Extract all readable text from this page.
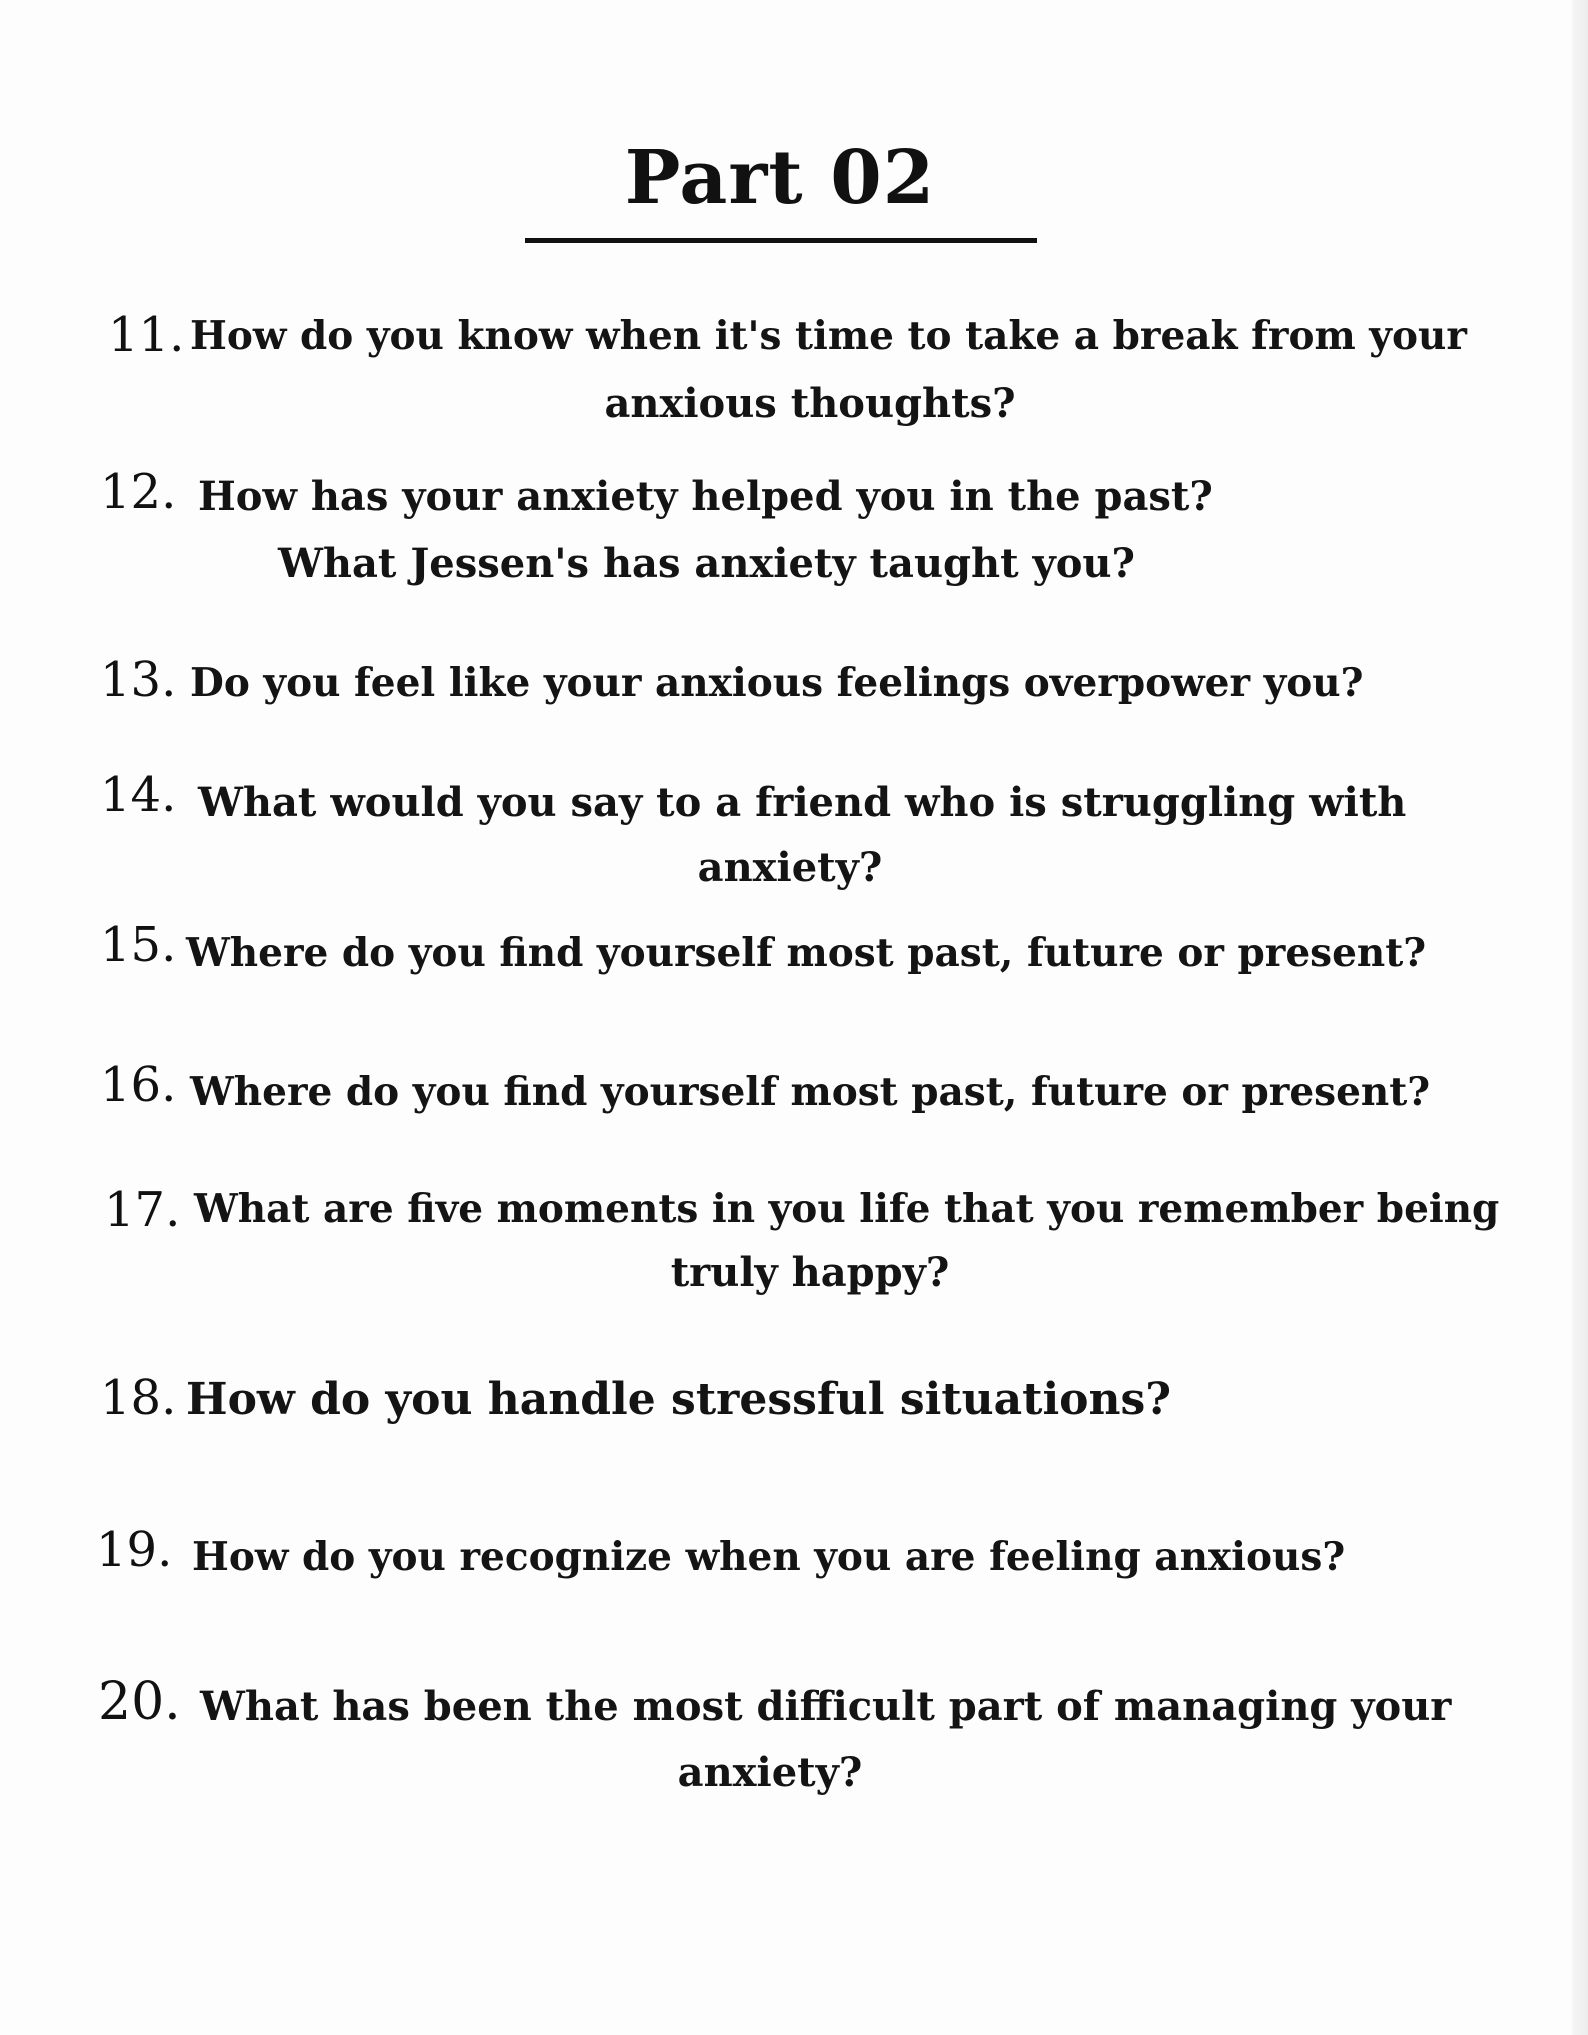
Part 02
11. How do you know when it's time to take a break from your
anxious thoughts?
12. How has your anxiety helped you in the past?
What Jessen's has anxiety taught you?
13. Do you feel like your anxious feelings overpower you?
14. What would you say to a friend who is struggling with
anxiety?
15. Where do you find yourself most past, future or present?
16. Where do you find yourself most past, future or present?
17. What are five moments in you life that you remember being
truly happy?
18. How do you handle stressful situations?
19. How do you recognize when you are feeling anxious?
20. What has been the most difficult part of managing your
anxiety?
